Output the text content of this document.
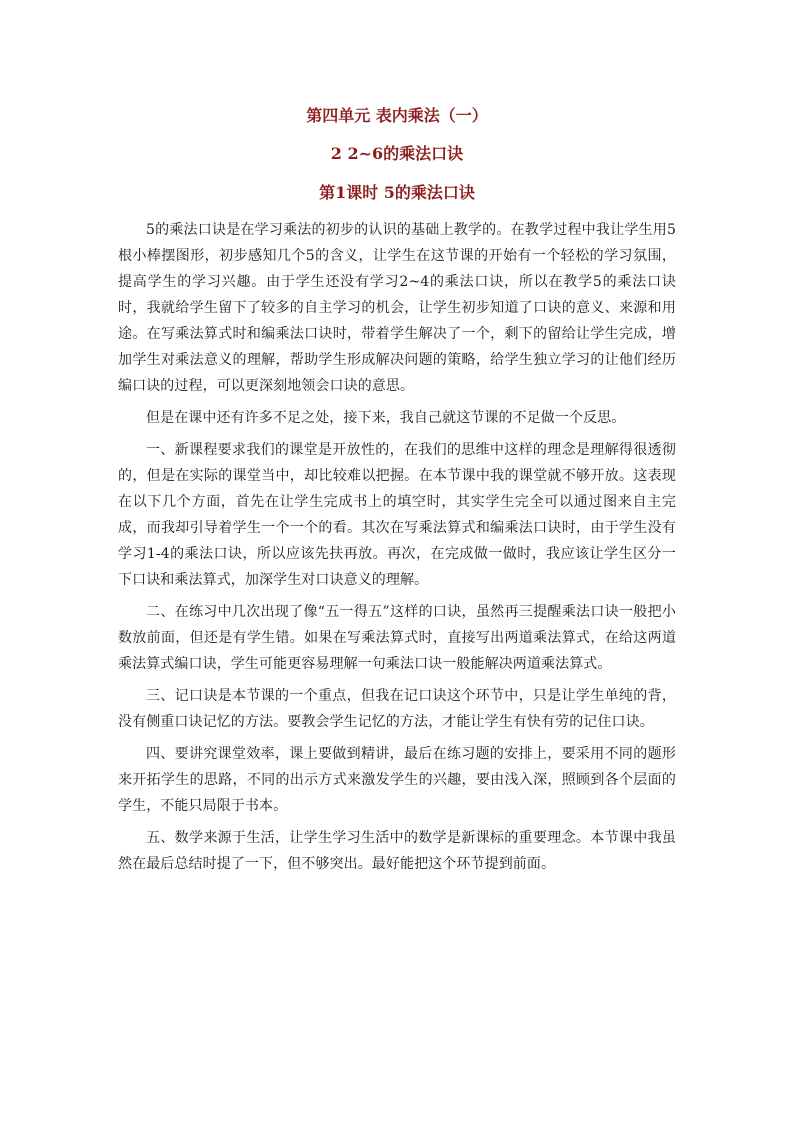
第四单元 表内乘法（一）
2 2~6的乘法口诀
第1课时 5的乘法口诀

5的乘法口诀是在学习乘法的初步的认识的基础上教学的。在教学过程中我让学生用5根小棒摆图形，初步感知几个5的含义，让学生在这节课的开始有一个轻松的学习氛围，提高学生的学习兴趣。由于学生还没有学习2~4的乘法口诀，所以在教学5的乘法口诀时，我就给学生留下了较多的自主学习的机会，让学生初步知道了口诀的意义、来源和用途。在写乘法算式时和编乘法口诀时，带着学生解决了一个，剩下的留给让学生完成，增加学生对乘法意义的理解，帮助学生形成解决问题的策略，给学生独立学习的让他们经历编口诀的过程，可以更深刻地领会口诀的意思。

但是在课中还有许多不足之处，接下来，我自己就这节课的不足做一个反思。

一、新课程要求我们的课堂是开放性的，在我们的思维中这样的理念是理解得很透彻的，但是在实际的课堂当中，却比较难以把握。在本节课中我的课堂就不够开放。这表现在以下几个方面，首先在让学生完成书上的填空时，其实学生完全可以通过图来自主完成，而我却引导着学生一个一个的看。其次在写乘法算式和编乘法口诀时，由于学生没有学习1-4的乘法口诀，所以应该先扶再放。再次，在完成做一做时，我应该让学生区分一下口诀和乘法算式，加深学生对口诀意义的理解。

二、在练习中几次出现了像“五一得五”这样的口诀，虽然再三提醒乘法口诀一般把小数放前面，但还是有学生错。如果在写乘法算式时，直接写出两道乘法算式，在给这两道乘法算式编口诀，学生可能更容易理解一句乘法口诀一般能解决两道乘法算式。

三、记口诀是本节课的一个重点，但我在记口诀这个环节中，只是让学生单纯的背，没有侧重口诀记忆的方法。要教会学生记忆的方法，才能让学生有快有劳的记住口诀。

四、要讲究课堂效率，课上要做到精讲，最后在练习题的安排上，要采用不同的题形来开拓学生的思路，不同的出示方式来激发学生的兴趣，要由浅入深，照顾到各个层面的学生，不能只局限于书本。

五、数学来源于生活，让学生学习生活中的数学是新课标的重要理念。本节课中我虽然在最后总结时提了一下，但不够突出。最好能把这个环节提到前面。
